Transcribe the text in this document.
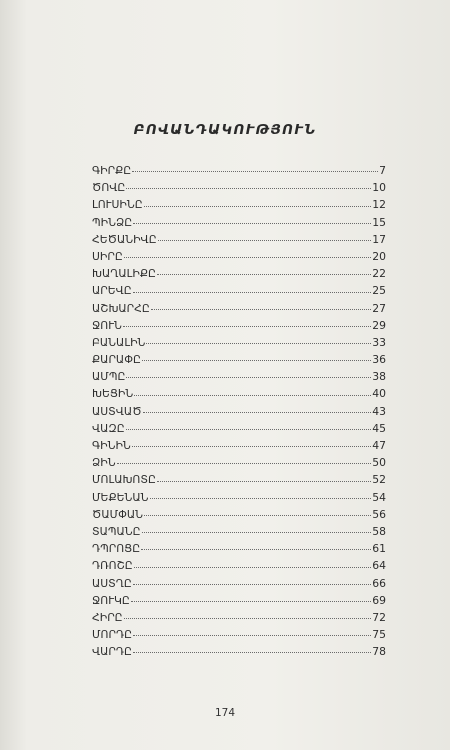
ԲՈՎԱՆԴԱԿՈՒԹՅՈՒՆ
ԳԻՐՔԸ	7
ԾՈՎԸ	10
ԼՈՒՍԻՆԸ	12
ՊԻՆՁԸ	15
ՀԵԾԱՆԻՎԸ	17
ՍԻՐԸ	20
ԽԱՂԱԼԻՔԸ	22
ԱՐԵՎԸ	25
ԱՇԽԱՐՀԸ	27
ՋՈՒՆ	29
ԲԱՆԱԼԻՆ	33
ՔԱՐԱՓԸ	36
ԱՄՊԸ	38
ԽԵՑԻՆ	40
ԱՍՏՎԱԾ	43
ՎԱԶԸ	45
ԳԻՆԻՆ	47
ՁԻՆ	50
ՄՈԼԱԽՈՏԸ	52
ՄԵՔԵՆԱՆ	54
ԾԱՄՓԱՆ	56
ՏԱՊԱՆԸ	58
ԴՊՐՈՑԸ	61
ԴՌՈՇԸ	64
ԱՍՏՂԸ	66
ՋՈՒԿԸ	69
ՀԻՐԸ	72
ՄՈՐԴԸ	75
ՎԱՐԴԸ	78
174
